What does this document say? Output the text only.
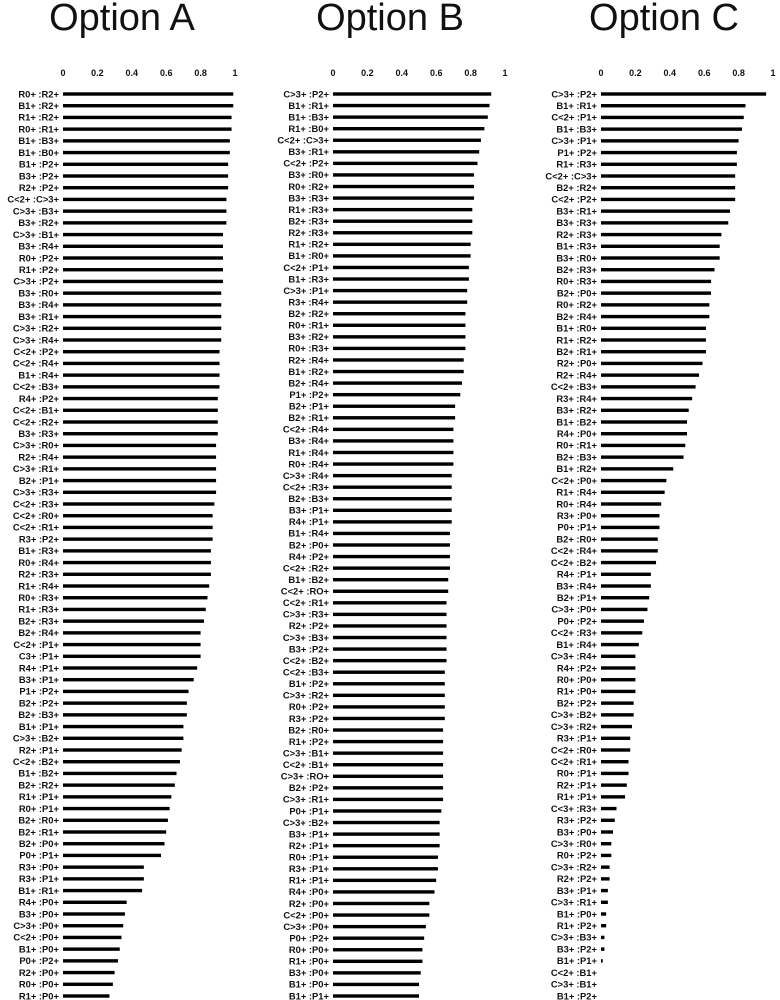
Option A
0	0.2 0.4 0.6 0.8	1
R0+ :R2+
B1+ :R2+
R1+ :R2+
R0+ :R1+
B1+ :B3+
B1+ :B0+
B1+ :P2+
B3+ :P2+
R2+ :P2+
C<2+ :C>3+
C>3+ :B3+
B3+ :R2+
C>3+ :B1+
B3+ :R4+
R0+ :P2+
R1+ :P2+
C>3+ :P2+
B3+ :R0+
B3+ :R4+
B3+ :R1+
C>3+ :R2+
C>3+ :R4+
C<2+ :P2+
C<2+ :R4+
B1+ :R4+
C<2+ :B3+
R4+ :P2+
C<2+ :B1+
C<2+ :R2+
B3+ :R3+
C>3+ :R0+
R2+ :R4+
C>3+ :R1+
B2+ :P1+
C>3+ :R3+
C<2+ :R3+
C<2+ :R0+
C<2+ :R1+
R3+ :P2+
B1+ :R3+
R0+ :R4+
R2+ :R3+
R1+ :R4+
R0+ :R3+
R1+ :R3+
B2+ :R3+
B2+ :R4+
C<2+ :P1+
C3+ :P1+
R4+ :P1+
B3+ :P1+
P1+ :P2+
B2+ :P2+
B2+ :B3+
B1+ :P1+
C>3+ :B2+
R2+ :P1+
C<2+ :B2+
B1+ :B2+
B2+ :R2+
R1+ :P1+
R0+ :P1+
B2+ :R0+
B2+ :R1+
B2+ :P0+
P0+ :P1+
R3+ :P0+
R3+ :P1+
B1+ :R1+
R4+ :P0+
B3+ :P0+
C>3+ :P0+
C<2+ :P0+
B1+ :P0+
P0+ :P2+
R2+ :P0+
R0+ :P0+
R1+ :P0+
Option B
0	0.2 0.4 0.6 0.8	1
C>3+ :P2+
B1+ :R1+
B1+ :B3+
R1+ :B0+
C<2+ :C>3+
B3+ :R1+
C<2+ :P2+
B3+ :R0+
R0+ :R2+
B3+ :R3+
R1+ :R3+
B2+ :R3+
R2+ :R3+
R1+ :R2+
B1+ :R0+
C<2+ :P1+
B1+ :R3+
C>3+ :P1+
R3+ :R4+
B2+ :R2+
R0+ :R1+
B3+ :R2+
R0+ :R3+
R2+ :R4+
B1+ :R2+
B2+ :R4+
P1+ :P2+
B2+ :P1+
B2+ :R1+
C<2+ :R4+
B3+ :R4+
R1+ :R4+
R0+ :R4+
C>3+ :R4+
C<2+ :R3+
B2+ :B3+
B3+ :P1+
R4+ :P1+
B1+ :R4+
B2+ :P0+
R4+ :P2+
C<2+ :R2+
B1+ :B2+
C<2+ :RO+
C<2+ :R1+
C>3+ :R3+
R2+ :P2+
C>3+ :B3+
B3+ :P2+
C<2+ :B2+
C<2+ :B3+
B1+ :P2+
C>3+ :R2+
R0+ :P2+
R3+ :P2+
B2+ :R0+
R1+ :P2+
C>3+ :B1+
C<2+ :B1+
C>3+ :RO+
B2+ :P2+
C>3+ :R1+
P0+ :P1+
C>3+ :B2+
B3+ :P1+
R2+ :P1+
R0+ :P1+
R3+ :P1+
R1+ :P1+
R4+ :P0+
R2+ :P0+
C<2+ :P0+
C>3+ :P0+
P0+ :P2+
R0+ :P0+
R1+ :P0+
B3+ :P0+
B1+ :P0+
B1+ :P1+
Option C
0	0.2 0.4 0.6 0.8	1
C>3+ :P2+
B1+ :R1+
C<2+ :P1+
B1+ :B3+
C>3+ :P1+
P1+ :P2+
R1+ :R3+
C<2+ :C>3+
B2+ :R2+
C<2+ :P2+
B3+ :R1+
B3+ :R3+
R2+ :R3+
B1+ :R3+
B3+ :R0+
B2+ :R3+
R0+ :R3+
B2+ :P0+
R0+ :R2+
B2+ :R4+
B1+ :R0+
R1+ :R2+
B2+ :R1+
R2+ :P0+
R2+ :R4+
C<2+ :B3+
R3+ :R4+
B3+ :R2+
B1+ :B2+
R4+ :P0+
R0+ :R1+
B2+ :B3+
B1+ :R2+
C<2+ :P0+
R1+ :R4+
R0+ :R4+
R3+ :P0+
P0+ :P1+
B2+ :R0+
C<2+ :R4+
C<2+ :B2+
R4+ :P1+
B3+ :R4+
B2+ :P1+
C>3+ :P0+
P0+ :P2+
C<2+ :R3+
B1+ :R4+
C>3+ :R4+
R4+ :P2+
R0+ :P0+
R1+ :P0+
B2+ :P2+
C>3+ :B2+
C>3+ :R2+
R3+ :P1+
C<2+ :R0+
C<2+ :R1+
R0+ :P1+
R2+ :P1+
R1+ :P1+
C<3+ :R3+
R3+ :P2+
B3+ :P0+
C>3+ :R0+
R0+ :P2+
C>3+ :R2+
R2+ :P2+
B3+ :P1+
C>3+ :R1+
B1+ :P0+
R1+ :P2+
C>3+ :B3+
B3+ :P2+
B1+ :P1+
C<2+ :B1+
C>3+ :B1+
B1+ :P2+
